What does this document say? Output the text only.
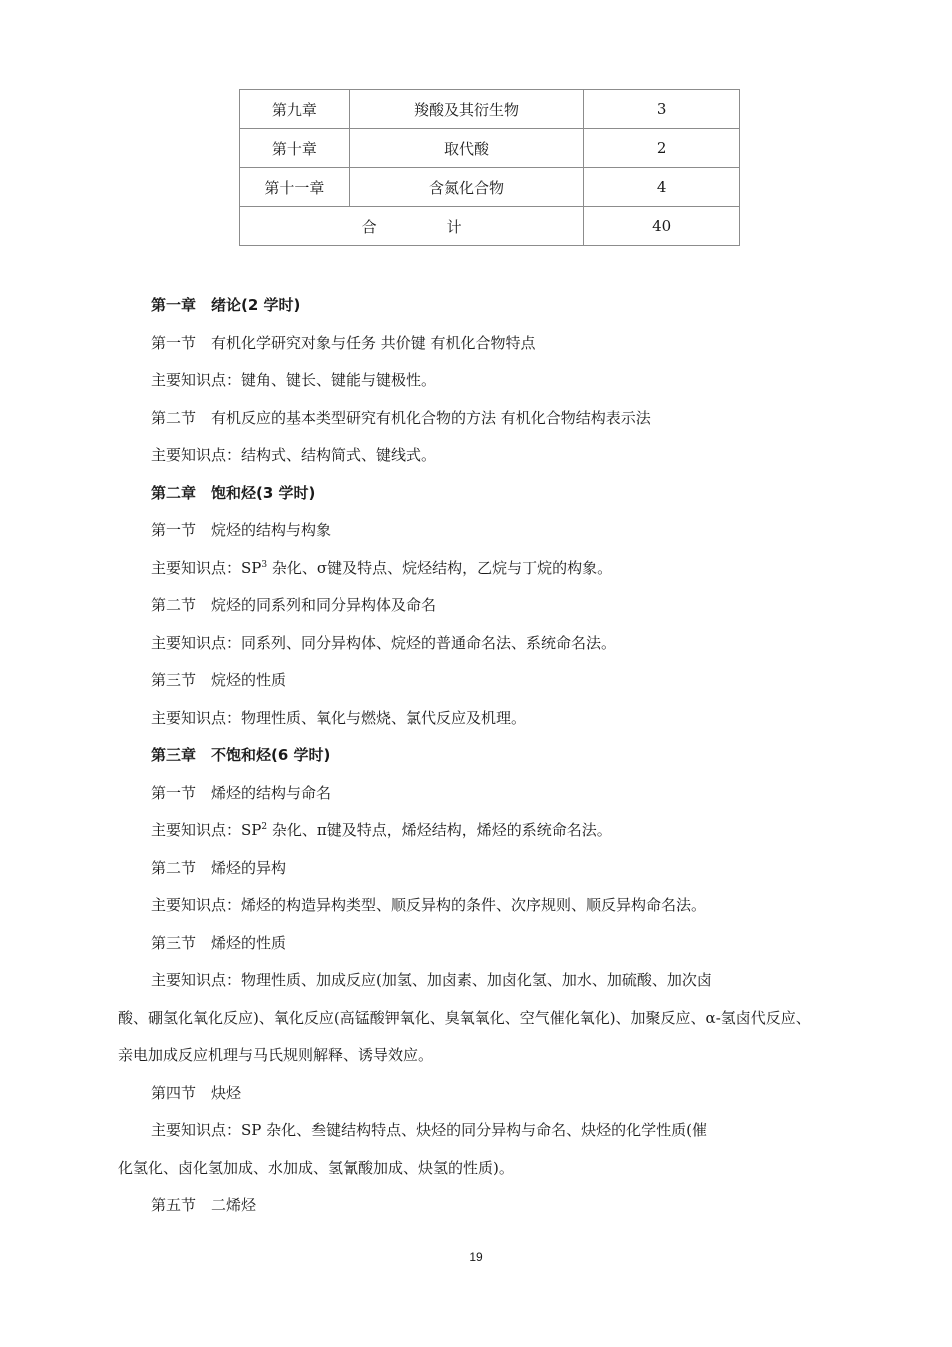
第九章	羧酸及其衍生物	3
第十章	取代酸	2
第十一章	含氮化合物	4
合 计		40
第一章　绪论(2 学时)
第一节　有机化学研究对象与任务 共价键 有机化合物特点
主要知识点：键角、键长、键能与键极性。
第二节　有机反应的基本类型研究有机化合物的方法 有机化合物结构表示法
主要知识点：结构式、结构简式、键线式。
第二章　饱和烃(3 学时)
第一节　烷烃的结构与构象
主要知识点：$SP^3$ 杂化、σ键及特点、烷烃结构，乙烷与丁烷的构象。
第二节　烷烃的同系列和同分异构体及命名
主要知识点：同系列、同分异构体、烷烃的普通命名法、系统命名法。
第三节　烷烃的性质
主要知识点：物理性质、氧化与燃烧、氯代反应及机理。
第三章　不饱和烃(6 学时)
第一节　烯烃的结构与命名
主要知识点：$SP^2$ 杂化、π键及特点，烯烃结构，烯烃的系统命名法。
第二节　烯烃的异构
主要知识点：烯烃的构造异构类型、顺反异构的条件、次序规则、顺反异构命名法。
第三节　烯烃的性质
主要知识点：物理性质、加成反应(加氢、加卤素、加卤化氢、加水、加硫酸、加次卤
酸、硼氢化氧化反应)、氧化反应(高锰酸钾氧化、臭氧氧化、空气催化氧化)、加聚反应、α-氢卤代反应、
亲电加成反应机理与马氏规则解释、诱导效应。
第四节　炔烃
主要知识点：SP 杂化、叁键结构特点、炔烃的同分异构与命名、炔烃的化学性质(催
化氢化、卤化氢加成、水加成、氢氰酸加成、炔氢的性质)。
第五节　二烯烃
19
